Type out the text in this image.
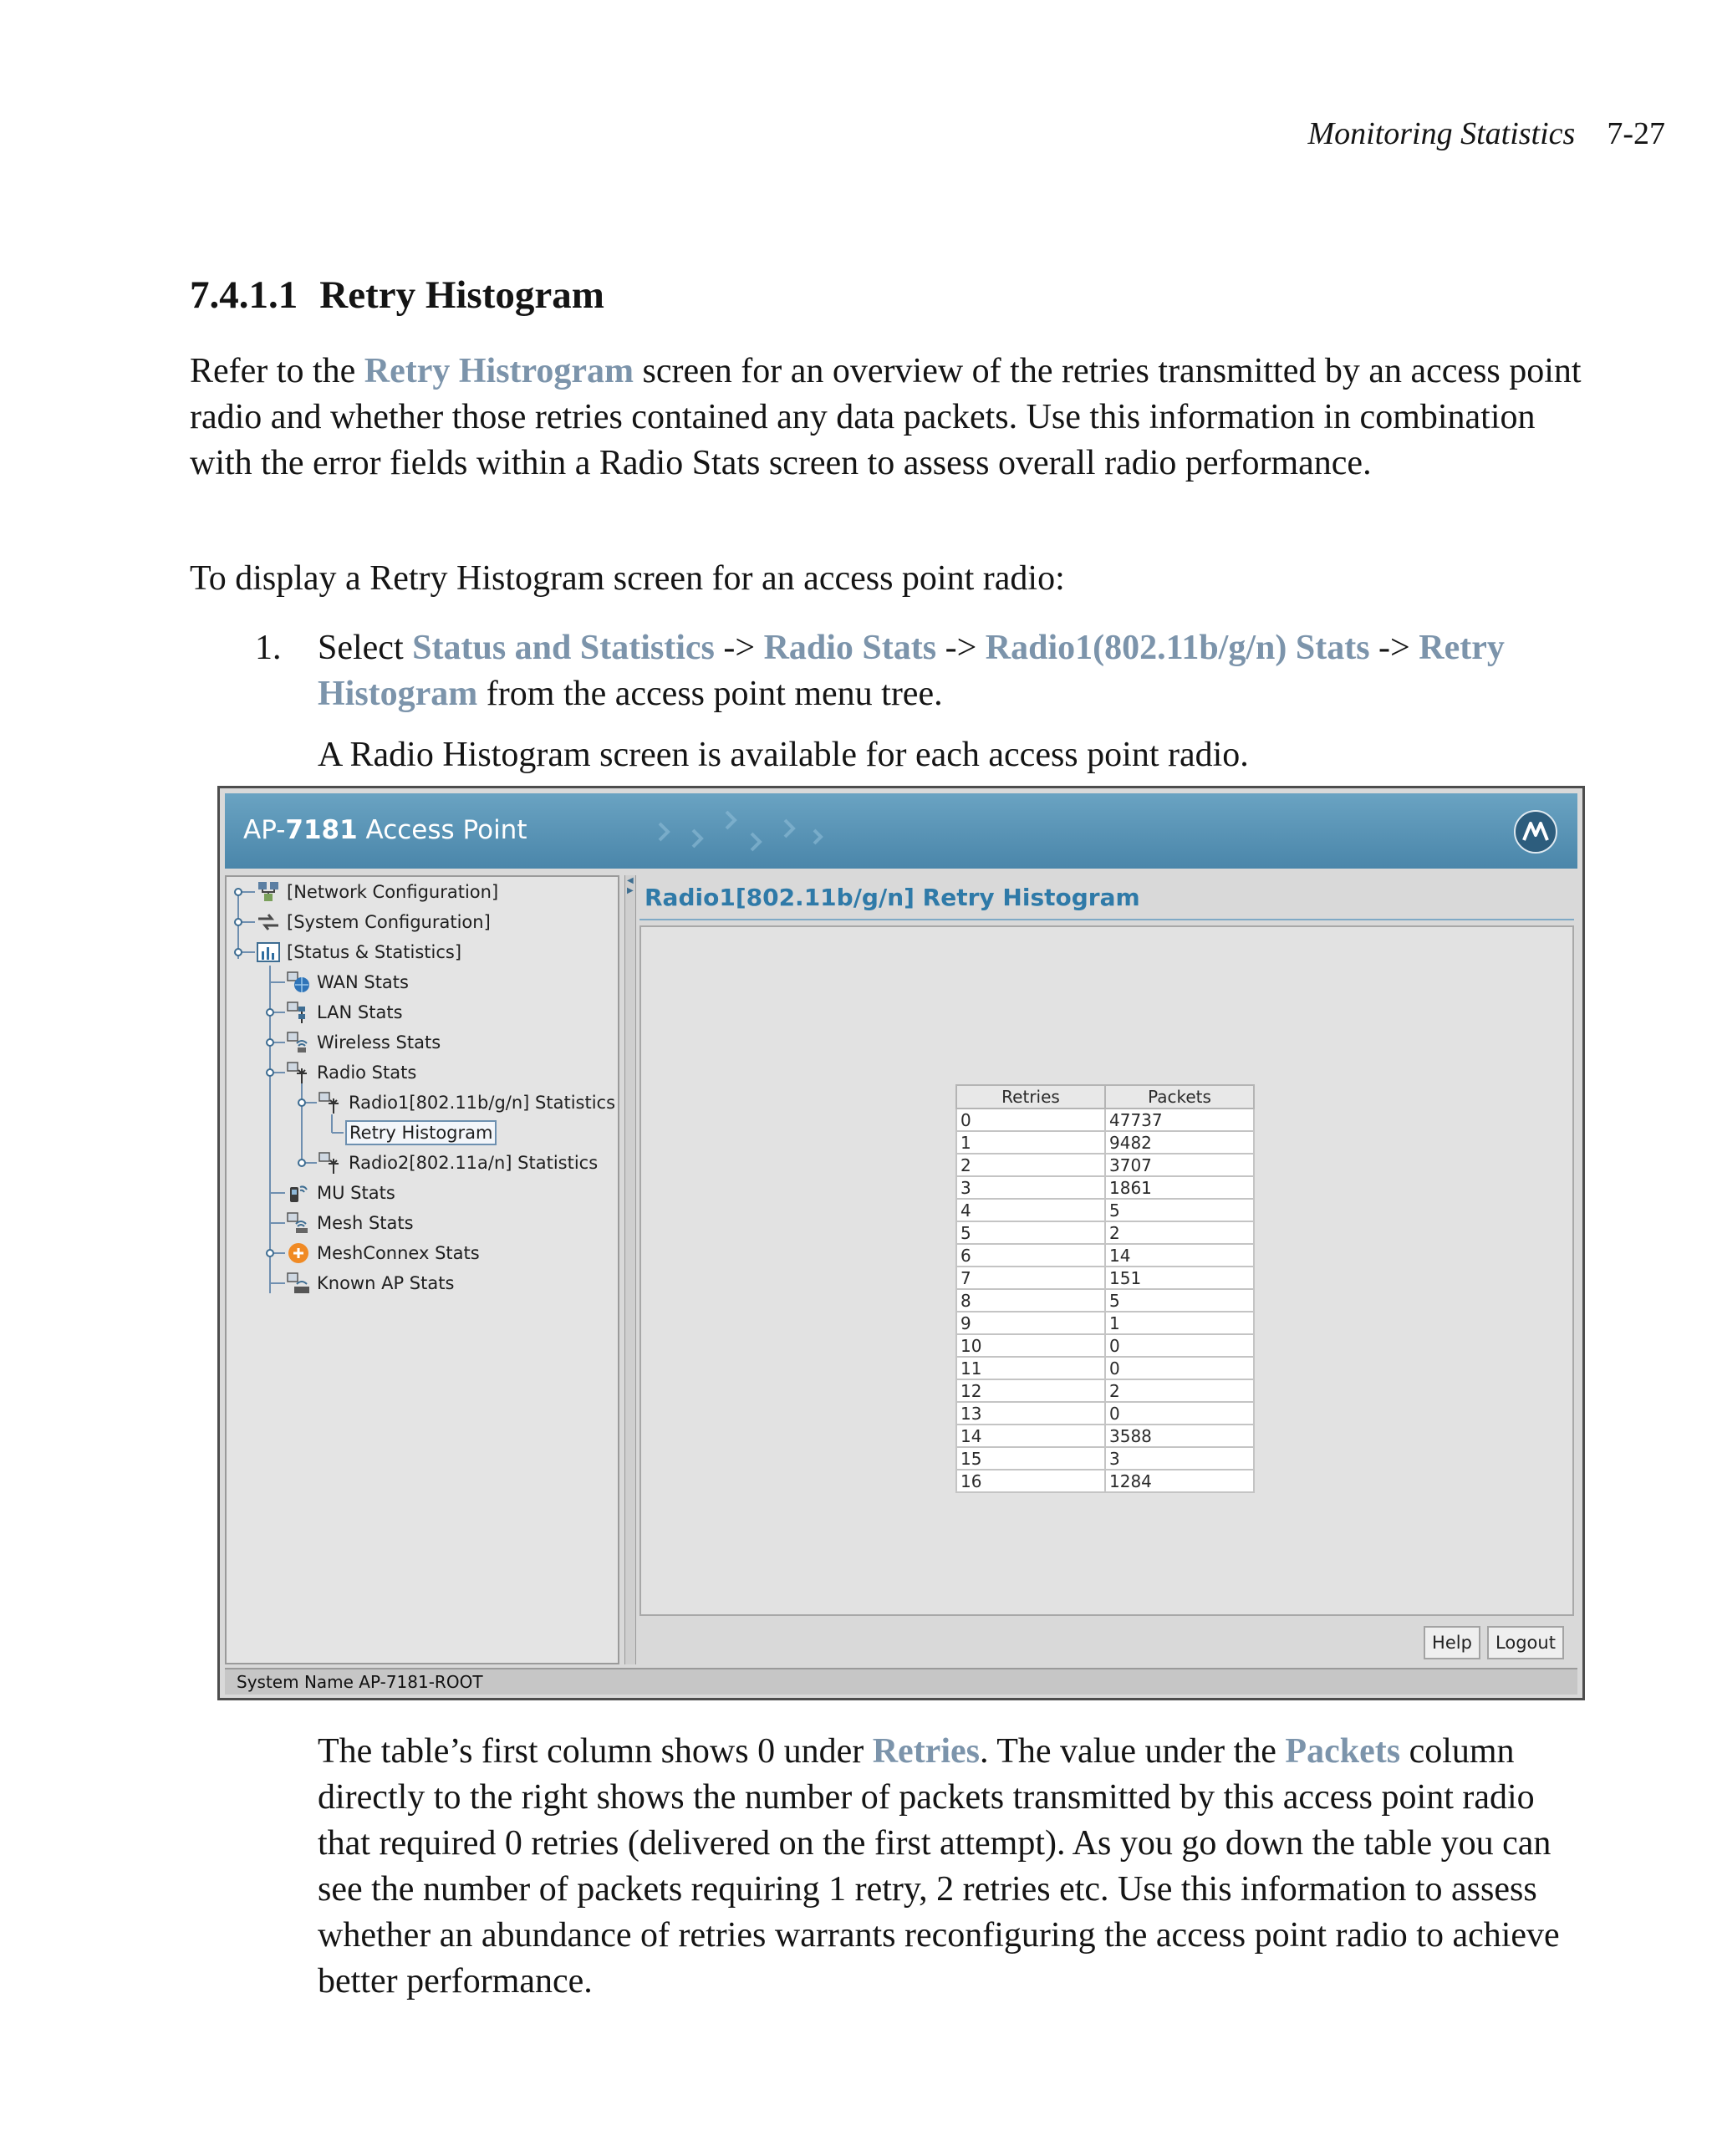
Monitoring Statistics 7-27
7.4.1.1 Retry Histogram

Refer to the Retry Histrogram screen for an overview of the retries transmitted by an access point radio and whether those retries contained any data packets. Use this information in combination with the error fields within a Radio Stats screen to assess overall radio performance.

To display a Retry Histogram screen for an access point radio:

1. Select Status and Statistics -> Radio Stats -> Radio1(802.11b/g/n) Stats -> Retry Histogram from the access point menu tree.

A Radio Histogram screen is available for each access point radio.

AP-7181 Access Point
[Network Configuration]
[System Configuration]
[Status & Statistics]
WAN Stats
LAN Stats
Wireless Stats
Radio Stats
Radio1[802.11b/g/n] Statistics
Retry Histogram
Radio2[802.11a/n] Statistics
MU Stats
Mesh Stats
MeshConnex Stats
Known AP Stats
◀
▶ Radio1[802.11b/g/n] Retry Histogram
Retries	Packets
0	47737
1	9482
2	3707
3	1861
4	5
5	2
6	14
7	151
8	5
9	1
10	0
11	0
12	2
13	0
14	3588
15	3
16	1284
Help	Logout
System Name AP-7181-ROOT

The table’s first column shows 0 under Retries. The value under the Packets column directly to the right shows the number of packets transmitted by this access point radio that required 0 retries (delivered on the first attempt). As you go down the table you can see the number of packets requiring 1 retry, 2 retries etc. Use this information to assess whether an abundance of retries warrants reconfiguring the access point radio to achieve better performance.
